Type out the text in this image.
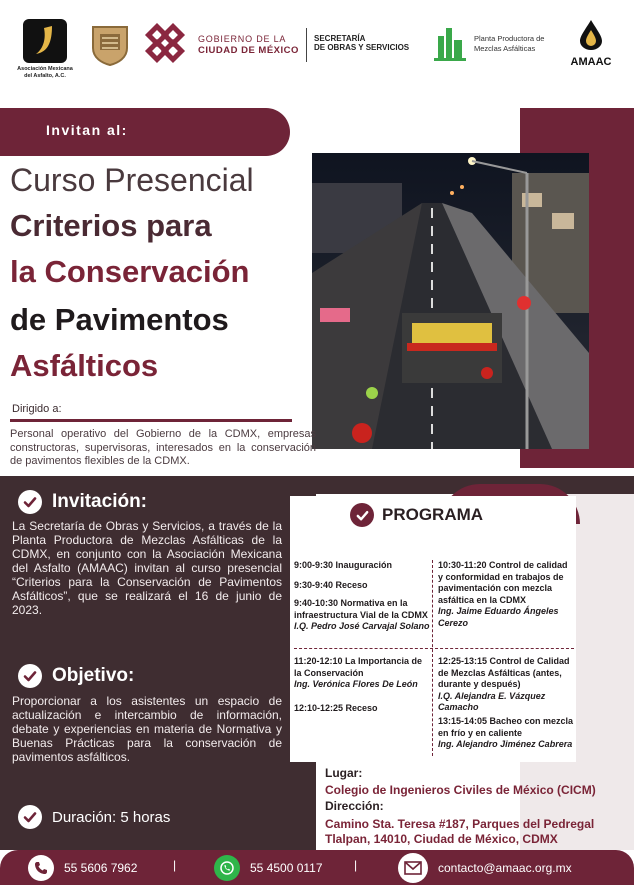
Asociación Mexicana del Asfalto, A.C.
GOBIERNO DE LA
CIUDAD DE MÉXICO
SECRETARÍA
DE OBRAS Y SERVICIOS
Planta Productora de
Mezclas Asfálticas
AMAAC
Invitan al:
Curso Presencial
Criterios para
la Conservación
de Pavimentos
Asfálticos
Dirigido a:
Personal operativo del Gobierno de la CDMX, empresas constructoras, supervisoras, interesados en la conservación de pavimentos flexibles de la CDMX.
Invitación:
La Secretaría de Obras y Servicios, a través de la Planta Productora de Mezclas Asfálticas de la CDMX, en conjunto con la Asociación Mexicana del Asfalto (AMAAC) invitan al curso presencial “Criterios para la Conservación de Pavimentos Asfálticos”, que se realizará el 16 de junio de 2023.
Objetivo:
Proporcionar a los asistentes un espacio de actualización e intercambio de información, debate y experiencias en materia de Normativa y Buenas Prácticas para la conservación de pavimentos asfálticos.
Duración: 5 horas
PROGRAMA
9:00-9:30 Inauguración
9:30-9:40 Receso
9:40-10:30 Normativa en la infraestructura Vial de la CDMX
I.Q. Pedro José Carvajal Solano
11:20-12:10 La Importancia de la Conservación
Ing. Verónica Flores De León
12:10-12:25 Receso
10:30-11:20 Control de calidad y conformidad en trabajos de pavimentación con mezcla asfáltica en la CDMX
Ing. Jaime Eduardo Ángeles Cerezo
12:25-13:15 Control de Calidad de Mezclas Asfálticas (antes, durante y después)
I.Q. Alejandra E. Vázquez Camacho
13:15-14:05 Bacheo con mezcla en frío y en caliente
Ing. Alejandro Jiménez Cabrera
Lugar:
Colegio de Ingenieros Civiles de México (CICM)
Dirección:
Camino Sta. Teresa #187, Parques del Pedregal
Tlalpan, 14010, Ciudad de México, CDMX
55 5606 7962	|	55 4500 0117	|	contacto@amaac.org.mx
